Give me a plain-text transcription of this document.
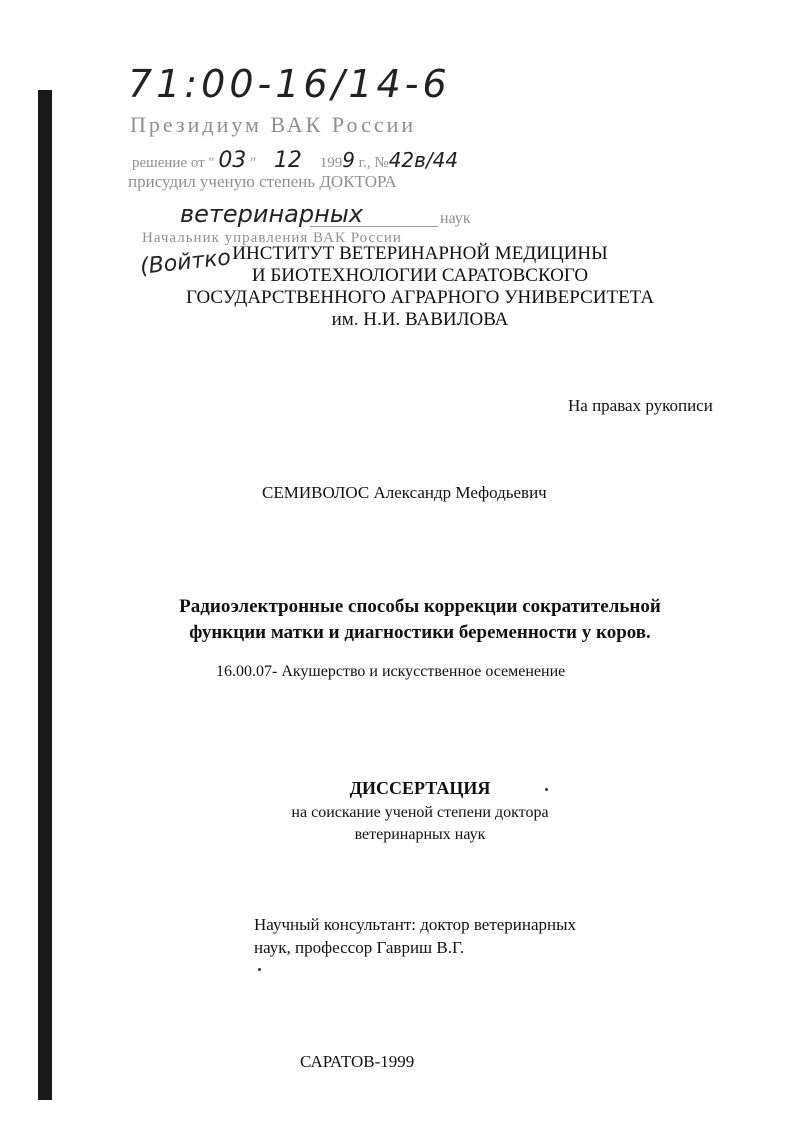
71:00-16/14-6
Президиум ВАК России
решение от " 03 " 12 1999 г., №42в/44
присудил ученую степень ДОКТОРА
ветеринарных	наук
Начальник управления ВАК России
(Войтко ИНСТИТУТ ВЕТЕРИНАРНОЙ МЕДИЦИНЫ
И БИОТЕХНОЛОГИИ САРАТОВСКОГО
ГОСУДАРСТВЕННОГО АГРАРНОГО УНИВЕРСИТЕТА
им. Н.И. ВАВИЛОВА
На правах рукописи
СЕМИВОЛОС Александр Мефодьевич
Радиоэлектронные способы коррекции сократительной
функции матки и диагностики беременности у коров.
16.00.07- Акушерство и искусственное осеменение
ДИССЕРТАЦИЯ
на соискание ученой степени доктора
ветеринарных наук
Научный консультант: доктор ветеринарных
наук, профессор Гавриш В.Г.
САРАТОВ-1999
